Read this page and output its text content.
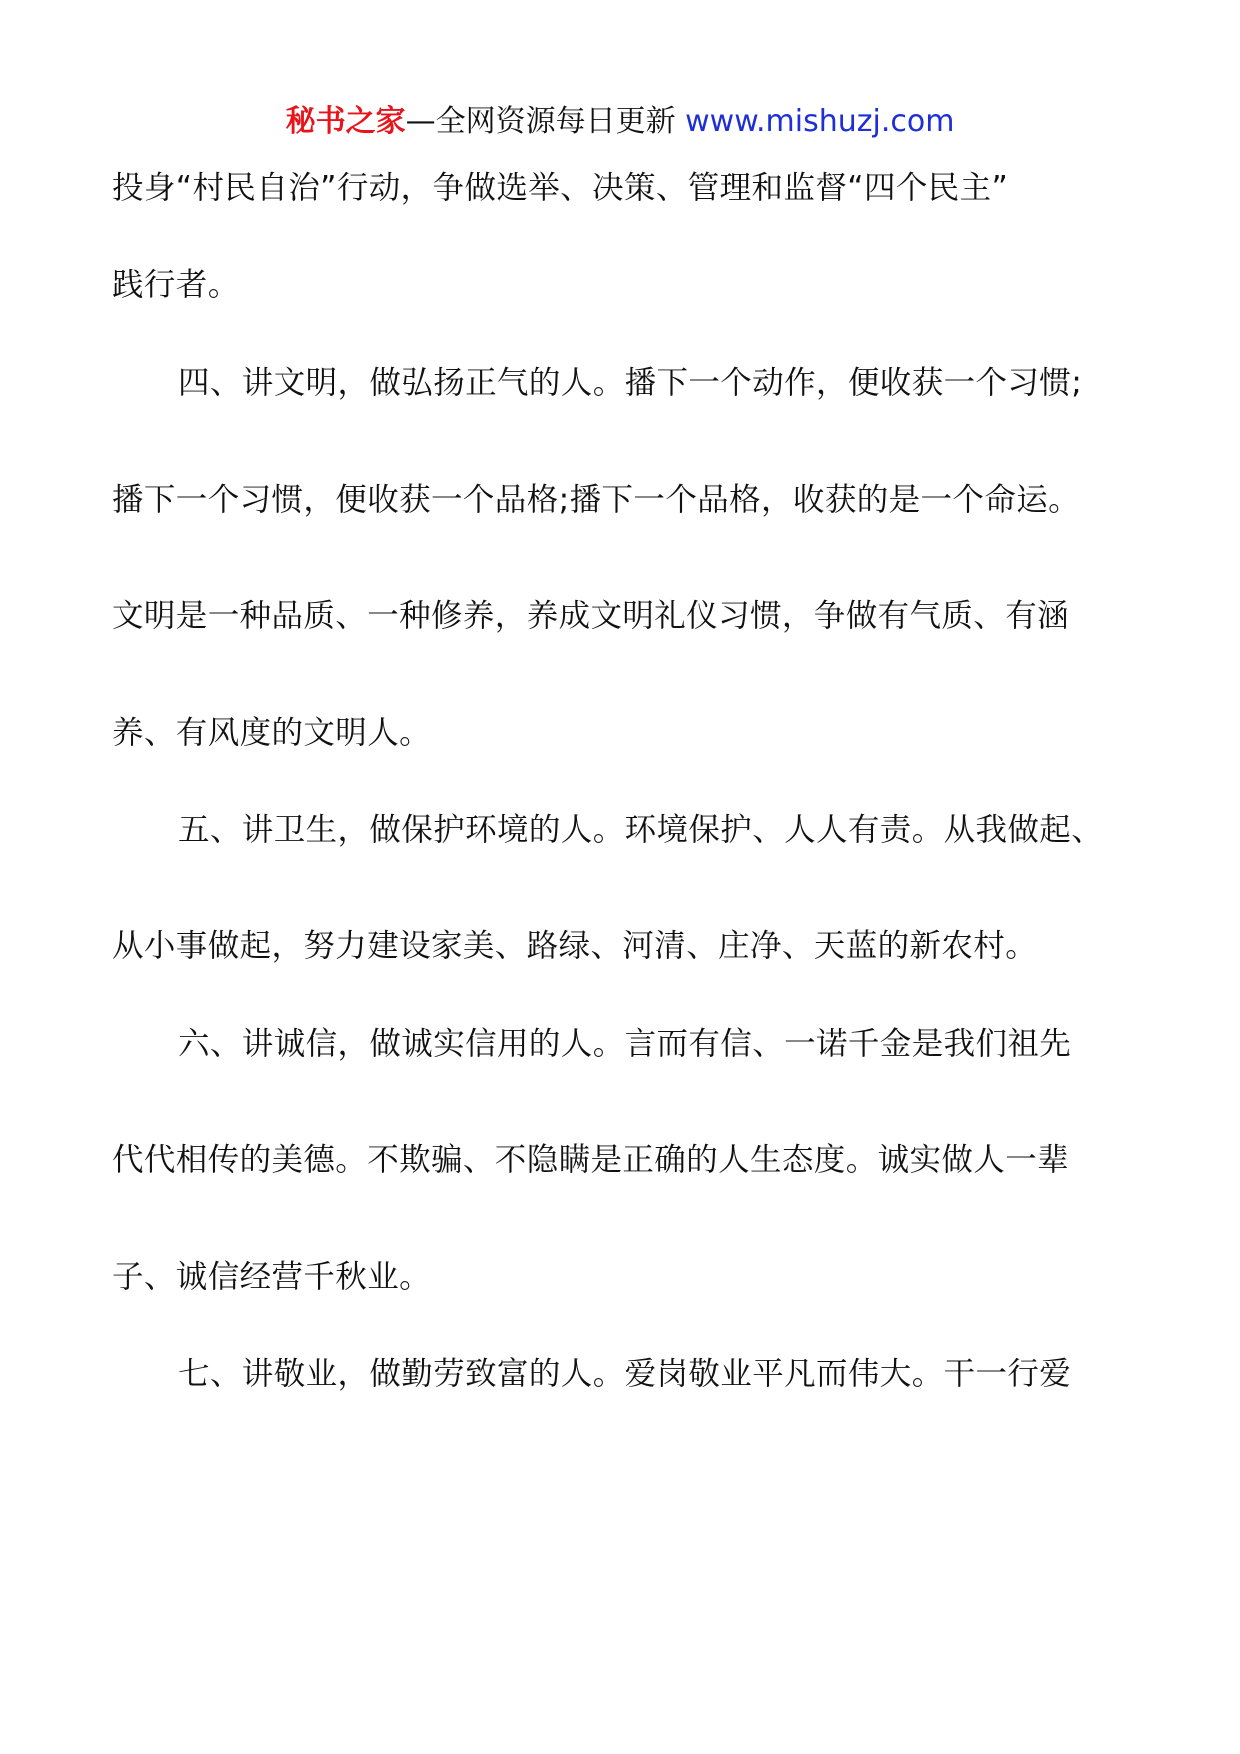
秘书之家—全网资源每日更新 www.mishuzj.com
投身“村民自治”行动，争做选举、决策、管理和监督“四个民主”
践行者。
四、讲文明，做弘扬正气的人。播下一个动作，便收获一个习惯;
播下一个习惯，便收获一个品格;播下一个品格，收获的是一个命运。
文明是一种品质、一种修养，养成文明礼仪习惯，争做有气质、有涵
养、有风度的文明人。
五、讲卫生，做保护环境的人。环境保护、人人有责。从我做起、
从小事做起，努力建设家美、路绿、河清、庄净、天蓝的新农村。
六、讲诚信，做诚实信用的人。言而有信、一诺千金是我们祖先
代代相传的美德。不欺骗、不隐瞒是正确的人生态度。诚实做人一辈
子、诚信经营千秋业。
七、讲敬业，做勤劳致富的人。爱岗敬业平凡而伟大。干一行爱
